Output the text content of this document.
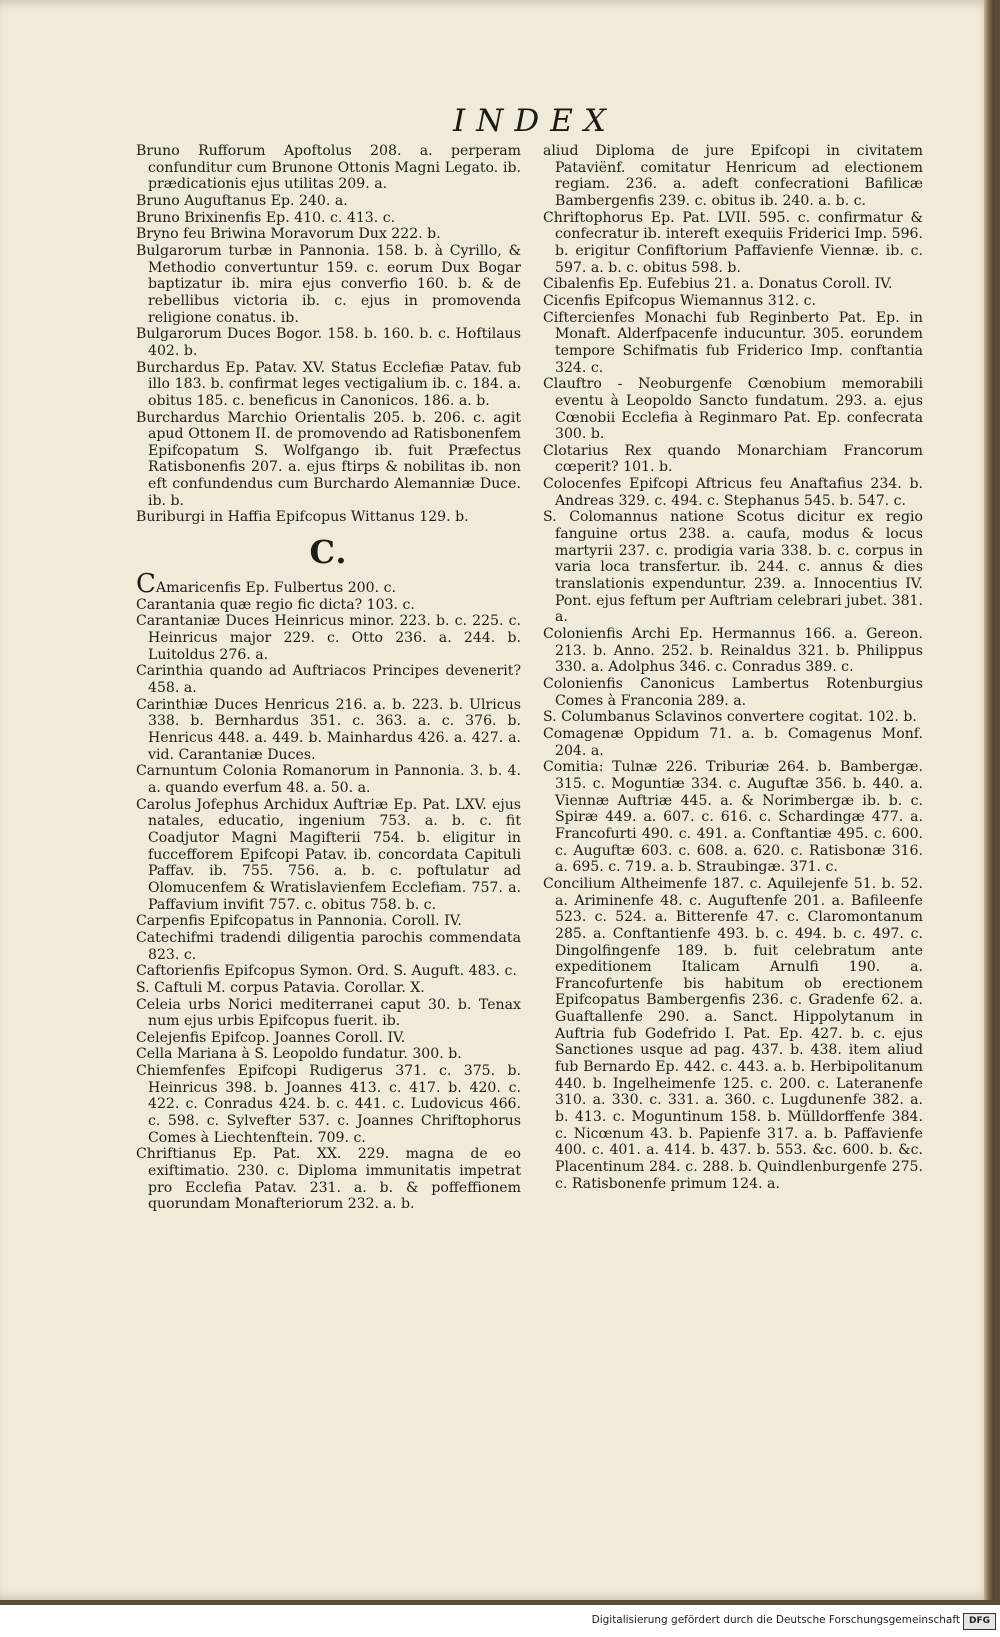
INDEX

Bruno Rufforum Apoftolus 208. a. perperam confunditur cum Brunone Ottonis Magni Legato. ib. prædicationis ejus utilitas 209. a.

Bruno Auguftanus Ep. 240. a.

Bruno Brixinenfis Ep. 410. c. 413. c.

Bryno feu Briwina Moravorum Dux 222. b.

Bulgarorum turbæ in Pannonia. 158. b. à Cyrillo, & Methodio convertuntur 159. c. eorum Dux Bogar baptizatur ib. mira ejus converfio 160. b. & de rebellibus victoria ib. c. ejus in promovenda religione conatus. ib.

Bulgarorum Duces Bogor. 158. b. 160. b. c. Hoftilaus 402. b.

Burchardus Ep. Patav. XV. Status Ecclefiæ Patav. fub illo 183. b. confirmat leges vectigalium ib. c. 184. a. obitus 185. c. beneficus in Canonicos. 186. a. b.

Burchardus Marchio Orientalis 205. b. 206. c. agit apud Ottonem II. de promovendo ad Ratisbonenfem Epifcopatum S. Wolfgango ib. fuit Præfectus Ratisbonenfis 207. a. ejus ftirps & nobilitas ib. non eft confundendus cum Burchardo Alemanniæ Duce. ib. b.

Buriburgi in Haffia Epifcopus Wittanus 129. b.

C.

CAmaricenfis Ep. Fulbertus 200. c.

Carantania quæ regio fic dicta? 103. c.

Carantaniæ Duces Heinricus minor. 223. b. c. 225. c. Heinricus major 229. c. Otto 236. a. 244. b. Luitoldus 276. a.

Carinthia quando ad Auftriacos Principes devenerit? 458. a.

Carinthiæ Duces Henricus 216. a. b. 223. b. Ulricus 338. b. Bernhardus 351. c. 363. a. c. 376. b. Henricus 448. a. 449. b. Mainhardus 426. a. 427. a. vid. Carantaniæ Duces.

Carnuntum Colonia Romanorum in Pannonia. 3. b. 4. a. quando everfum 48. a. 50. a.

Carolus Jofephus Archidux Auftriæ Ep. Pat. LXV. ejus natales, educatio, ingenium 753. a. b. c. fit Coadjutor Magni Magifterii 754. b. eligitur in fuccefforem Epifcopi Patav. ib. concordata Capituli Paffav. ib. 755. 756. a. b. c. poftulatur ad Olomucenfem & Wratislavienfem Ecclefiam. 757. a. Paffavium invifit 757. c. obitus 758. b. c.

Carpenfis Epifcopatus in Pannonia. Coroll. IV.

Catechifmi tradendi diligentia parochis commendata 823. c.

Caftorienfis Epifcopus Symon. Ord. S. Auguft. 483. c.

S. Caftuli M. corpus Patavia. Corollar. X.

Celeia urbs Norici mediterranei caput 30. b. Tenax num ejus urbis Epifcopus fuerit. ib.

Celejenfis Epifcop. Joannes Coroll. IV.

Cella Mariana à S. Leopoldo fundatur. 300. b.

Chiemfenfes Epifcopi Rudigerus 371. c. 375. b. Heinricus 398. b. Joannes 413. c. 417. b. 420. c. 422. c. Conradus 424. b. c. 441. c. Ludovicus 466. c. 598. c. Sylvefter 537. c. Joannes Chriftophorus Comes à Liechtenftein. 709. c.

Chriftianus Ep. Pat. XX. 229. magna de eo exiftimatio. 230. c. Diploma immunitatis impetrat pro Ecclefia Patav. 231. a. b. & poffeffionem quorundam Monafteriorum 232. a. b.

aliud Diploma de jure Epifcopi in civitatem Pataviënf. comitatur Henricum ad electionem regiam. 236. a. adeft confecrationi Bafilicæ Bambergenfis 239. c. obitus ib. 240. a. b. c.

Chriftophorus Ep. Pat. LVII. 595. c. confirmatur & confecratur ib. intereft exequiis Friderici Imp. 596. b. erigitur Confiftorium Paffavienfe Viennæ. ib. c. 597. a. b. c. obitus 598. b.

Cibalenfis Ep. Eufebius 21. a. Donatus Coroll. IV.

Cicenfis Epifcopus Wiemannus 312. c.

Ciftercienfes Monachi fub Reginberto Pat. Ep. in Monaft. Alderfpacenfe inducuntur. 305. eorundem tempore Schifmatis fub Friderico Imp. conftantia 324. c.

Clauftro - Neoburgenfe Cœnobium memorabili eventu à Leopoldo Sancto fundatum. 293. a. ejus Cœnobii Ecclefia à Reginmaro Pat. Ep. confecrata 300. b.

Clotarius Rex quando Monarchiam Francorum cœperit? 101. b.

Colocenfes Epifcopi Aftricus feu Anaftafius 234. b. Andreas 329. c. 494. c. Stephanus 545. b. 547. c.

S. Colomannus natione Scotus dicitur ex regio fanguine ortus 238. a. caufa, modus & locus martyrii 237. c. prodigia varia 338. b. c. corpus in varia loca transfertur. ib. 244. c. annus & dies translationis expenduntur. 239. a. Innocentius IV. Pont. ejus feftum per Auftriam celebrari jubet. 381. a.

Colonienfis Archi Ep. Hermannus 166. a. Gereon. 213. b. Anno. 252. b. Reinaldus 321. b. Philippus 330. a. Adolphus 346. c. Conradus 389. c.

Colonienfis Canonicus Lambertus Rotenburgius Comes à Franconia 289. a.

S. Columbanus Sclavinos convertere cogitat. 102. b.

Comagenæ Oppidum 71. a. b. Comagenus Monf. 204. a.

Comitia: Tulnæ 226. Triburiæ 264. b. Bambergæ. 315. c. Moguntiæ 334. c. Auguftæ 356. b. 440. a. Viennæ Auftriæ 445. a. & Norimbergæ ib. b. c. Spiræ 449. a. 607. c. 616. c. Schardingæ 477. a. Francofurti 490. c. 491. a. Conftantiæ 495. c. 600. c. Auguftæ 603. c. 608. a. 620. c. Ratisbonæ 316. a. 695. c. 719. a. b. Straubingæ. 371. c.

Concilium Altheimenfe 187. c. Aquilejenfe 51. b. 52. a. Ariminenfe 48. c. Auguftenfe 201. a. Bafileenfe 523. c. 524. a. Bitterenfe 47. c. Claromontanum 285. a. Conftantienfe 493. b. c. 494. b. c. 497. c. Dingolfingenfe 189. b. fuit celebratum ante expeditionem Italicam Arnulfi 190. a. Francofurtenfe bis habitum ob erectionem Epifcopatus Bambergenfis 236. c. Gradenfe 62. a. Guaftallenfe 290. a. Sanct. Hippolytanum in Auftria fub Godefrido I. Pat. Ep. 427. b. c. ejus Sanctiones usque ad pag. 437. b. 438. item aliud fub Bernardo Ep. 442. c. 443. a. b. Herbipolitanum 440. b. Ingelheimenfe 125. c. 200. c. Lateranenfe 310. a. 330. c. 331. a. 360. c. Lugdunenfe 382. a. b. 413. c. Moguntinum 158. b. Mülldorffenfe 384. c. Nicœnum 43. b. Papienfe 317. a. b. Paffavienfe 400. c. 401. a. 414. b. 437. b. 553. &c. 600. b. &c. Placentinum 284. c. 288. b. Quindlenburgenfe 275. c. Ratisbonenfe primum 124. a.

Digitalisierung gefördert durch die Deutsche Forschungsgemeinschaft DFG
